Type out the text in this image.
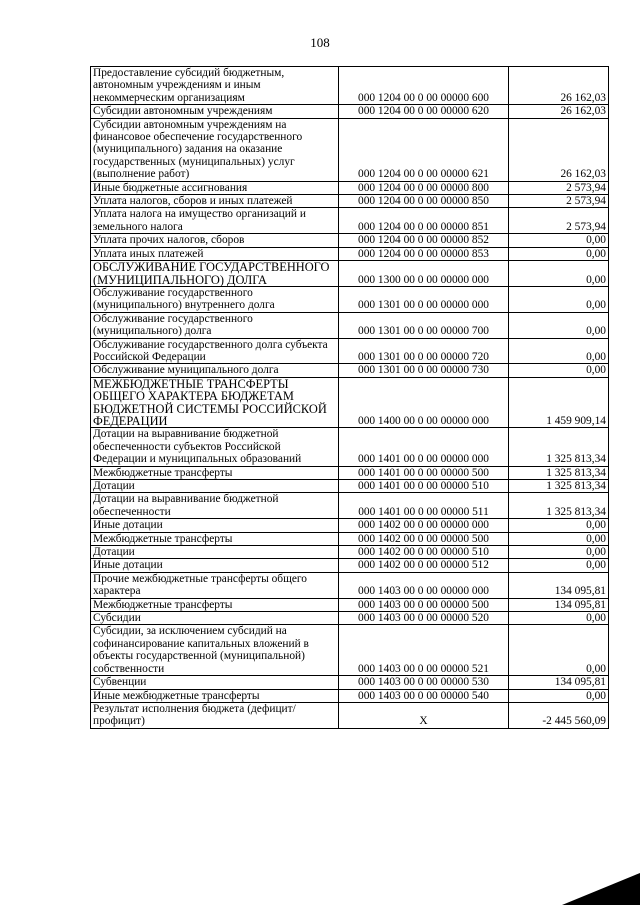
108
Предоставление субсидий бюджетным, автономным учреждениям и иным некоммерческим организациям	000 1204 00 0 00 00000 600	26 162,03
Субсидии автономным учреждениям	000 1204 00 0 00 00000 620	26 162,03
Субсидии автономным учреждениям на финансовое обеспечение государственного (муниципального) задания на оказание государственных (муниципальных) услуг (выполнение работ)	000 1204 00 0 00 00000 621	26 162,03
Иные бюджетные ассигнования	000 1204 00 0 00 00000 800	2 573,94
Уплата налогов, сборов и иных платежей	000 1204 00 0 00 00000 850	2 573,94
Уплата налога на имущество организаций и земельного налога	000 1204 00 0 00 00000 851	2 573,94
Уплата прочих налогов, сборов	000 1204 00 0 00 00000 852	0,00
Уплата иных платежей	000 1204 00 0 00 00000 853	0,00
ОБСЛУЖИВАНИЕ ГОСУДАРСТВЕННОГО (МУНИЦИПАЛЬНОГО) ДОЛГА	000 1300 00 0 00 00000 000	0,00
Обслуживание государственного (муниципального) внутреннего долга	000 1301 00 0 00 00000 000	0,00
Обслуживание государственного (муниципального) долга	000 1301 00 0 00 00000 700	0,00
Обслуживание государственного долга субъекта Российской Федерации	000 1301 00 0 00 00000 720	0,00
Обслуживание муниципального долга	000 1301 00 0 00 00000 730	0,00
МЕЖБЮДЖЕТНЫЕ ТРАНСФЕРТЫ ОБЩЕГО ХАРАКТЕРА БЮДЖЕТАМ БЮДЖЕТНОЙ СИСТЕМЫ РОССИЙСКОЙ ФЕДЕРАЦИИ	000 1400 00 0 00 00000 000	1 459 909,14
Дотации на выравнивание бюджетной обеспеченности субъектов Российской Федерации и муниципальных образований	000 1401 00 0 00 00000 000	1 325 813,34
Межбюджетные трансферты	000 1401 00 0 00 00000 500	1 325 813,34
Дотации	000 1401 00 0 00 00000 510	1 325 813,34
Дотации на выравнивание бюджетной обеспеченности	000 1401 00 0 00 00000 511	1 325 813,34
Иные дотации	000 1402 00 0 00 00000 000	0,00
Межбюджетные трансферты	000 1402 00 0 00 00000 500	0,00
Дотации	000 1402 00 0 00 00000 510	0,00
Иные дотации	000 1402 00 0 00 00000 512	0,00
Прочие межбюджетные трансферты общего характера	000 1403 00 0 00 00000 000	134 095,81
Межбюджетные трансферты	000 1403 00 0 00 00000 500	134 095,81
Субсидии	000 1403 00 0 00 00000 520	0,00
Субсидии, за исключением субсидий на софинансирование капитальных вложений в объекты государственной (муниципальной) собственности	000 1403 00 0 00 00000 521	0,00
Субвенции	000 1403 00 0 00 00000 530	134 095,81
Иные межбюджетные трансферты	000 1403 00 0 00 00000 540	0,00
Результат исполнения бюджета (дефицит/профицит)	X	-2 445 560,09
